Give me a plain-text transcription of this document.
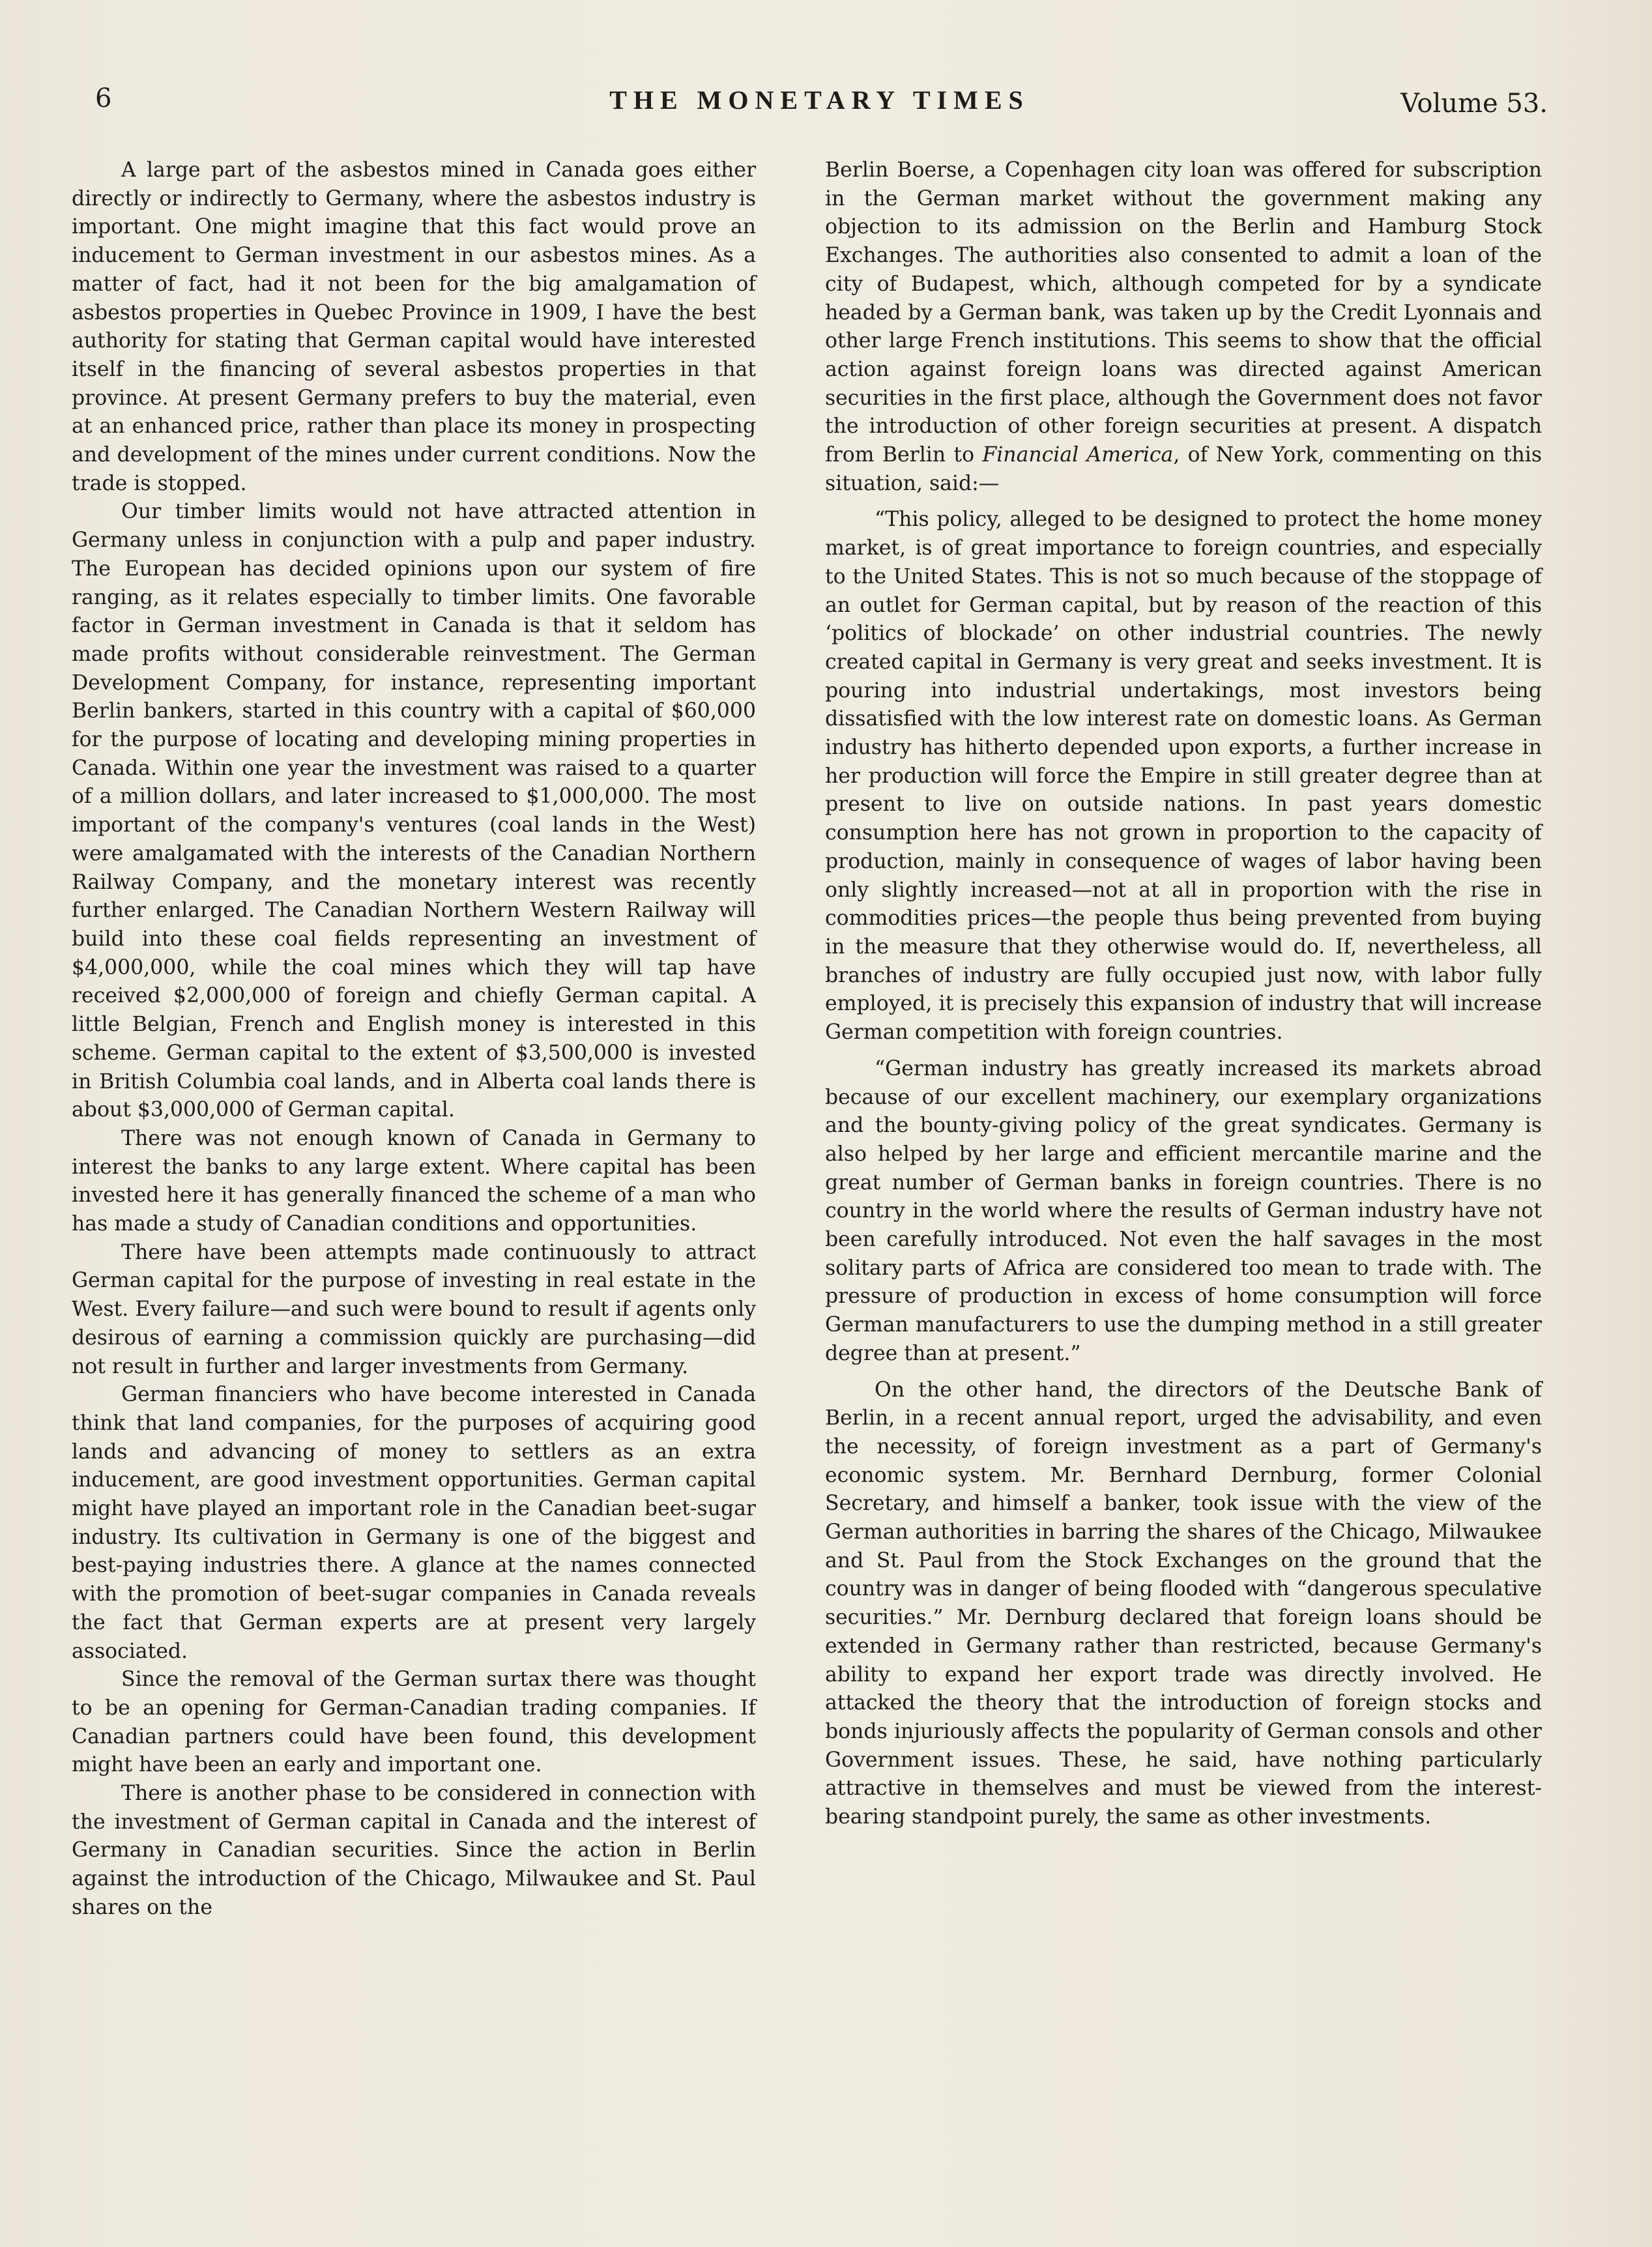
6	THE MONETARY TIMES	Volume 53.

A large part of the asbestos mined in Canada goes either directly or indirectly to Germany, where the asbestos industry is important. One might imagine that this fact would prove an inducement to German investment in our asbestos mines. As a matter of fact, had it not been for the big amalgamation of asbestos properties in Quebec Province in 1909, I have the best authority for stating that German capital would have interested itself in the financing of several asbestos properties in that province. At present Germany prefers to buy the material, even at an enhanced price, rather than place its money in prospecting and development of the mines under current conditions. Now the trade is stopped.

Our timber limits would not have attracted attention in Germany unless in conjunction with a pulp and paper industry. The European has decided opinions upon our system of fire ranging, as it relates especially to timber limits. One favorable factor in German investment in Canada is that it seldom has made profits without considerable reinvestment. The German Development Company, for instance, representing important Berlin bankers, started in this country with a capital of $60,000 for the purpose of locating and developing mining properties in Canada. Within one year the investment was raised to a quarter of a million dollars, and later increased to $1,000,000. The most important of the company's ventures (coal lands in the West) were amalgamated with the interests of the Canadian Northern Railway Company, and the monetary interest was recently further enlarged. The Canadian Northern Western Railway will build into these coal fields representing an investment of $4,000,000, while the coal mines which they will tap have received $2,000,000 of foreign and chiefly German capital. A little Belgian, French and English money is interested in this scheme. German capital to the extent of $3,500,000 is invested in British Columbia coal lands, and in Alberta coal lands there is about $3,000,000 of German capital.

There was not enough known of Canada in Germany to interest the banks to any large extent. Where capital has been invested here it has generally financed the scheme of a man who has made a study of Canadian conditions and opportunities.

There have been attempts made continuously to attract German capital for the purpose of investing in real estate in the West. Every failure—and such were bound to result if agents only desirous of earning a commission quickly are purchasing—did not result in further and larger investments from Germany.

German financiers who have become interested in Canada think that land companies, for the purposes of acquiring good lands and advancing of money to settlers as an extra inducement, are good investment opportunities. German capital might have played an important role in the Canadian beet-sugar industry. Its cultivation in Germany is one of the biggest and best-paying industries there. A glance at the names connected with the promotion of beet-sugar companies in Canada reveals the fact that German experts are at present very largely associated.

Since the removal of the German surtax there was thought to be an opening for German-Canadian trading companies. If Canadian partners could have been found, this development might have been an early and important one.

There is another phase to be considered in connection with the investment of German capital in Canada and the interest of Germany in Canadian securities. Since the action in Berlin against the introduction of the Chicago, Milwaukee and St. Paul shares on the

Berlin Boerse, a Copenhagen city loan was offered for subscription in the German market without the government making any objection to its admission on the Berlin and Hamburg Stock Exchanges. The authorities also consented to admit a loan of the city of Budapest, which, although competed for by a syndicate headed by a German bank, was taken up by the Credit Lyonnais and other large French institutions. This seems to show that the official action against foreign loans was directed against American securities in the first place, although the Government does not favor the introduction of other foreign securities at present. A dispatch from Berlin to Financial America, of New York, commenting on this situation, said:—

“This policy, alleged to be designed to protect the home money market, is of great importance to foreign countries, and especially to the United States. This is not so much because of the stoppage of an outlet for German capital, but by reason of the reaction of this ‘politics of blockade’ on other industrial countries. The newly created capital in Germany is very great and seeks investment. It is pouring into industrial undertakings, most investors being dissatisfied with the low interest rate on domestic loans. As German industry has hitherto depended upon exports, a further increase in her production will force the Empire in still greater degree than at present to live on outside nations. In past years domestic consumption here has not grown in proportion to the capacity of production, mainly in consequence of wages of labor having been only slightly increased—not at all in proportion with the rise in commodities prices—the people thus being prevented from buying in the measure that they otherwise would do. If, nevertheless, all branches of industry are fully occupied just now, with labor fully employed, it is precisely this expansion of industry that will increase German competition with foreign countries.

“German industry has greatly increased its markets abroad because of our excellent machinery, our exemplary organizations and the bounty-giving policy of the great syndicates. Germany is also helped by her large and efficient mercantile marine and the great number of German banks in foreign countries. There is no country in the world where the results of German industry have not been carefully introduced. Not even the half savages in the most solitary parts of Africa are considered too mean to trade with. The pressure of production in excess of home consumption will force German manufacturers to use the dumping method in a still greater degree than at present.”

On the other hand, the directors of the Deutsche Bank of Berlin, in a recent annual report, urged the advisability, and even the necessity, of foreign investment as a part of Germany's economic system. Mr. Bernhard Dernburg, former Colonial Secretary, and himself a banker, took issue with the view of the German authorities in barring the shares of the Chicago, Milwaukee and St. Paul from the Stock Exchanges on the ground that the country was in danger of being flooded with “dangerous speculative securities.” Mr. Dernburg declared that foreign loans should be extended in Germany rather than restricted, because Germany's ability to expand her export trade was directly involved. He attacked the theory that the introduction of foreign stocks and bonds injuriously affects the popularity of German consols and other Government issues. These, he said, have nothing particularly attractive in themselves and must be viewed from the interest-bearing standpoint purely, the same as other investments.
